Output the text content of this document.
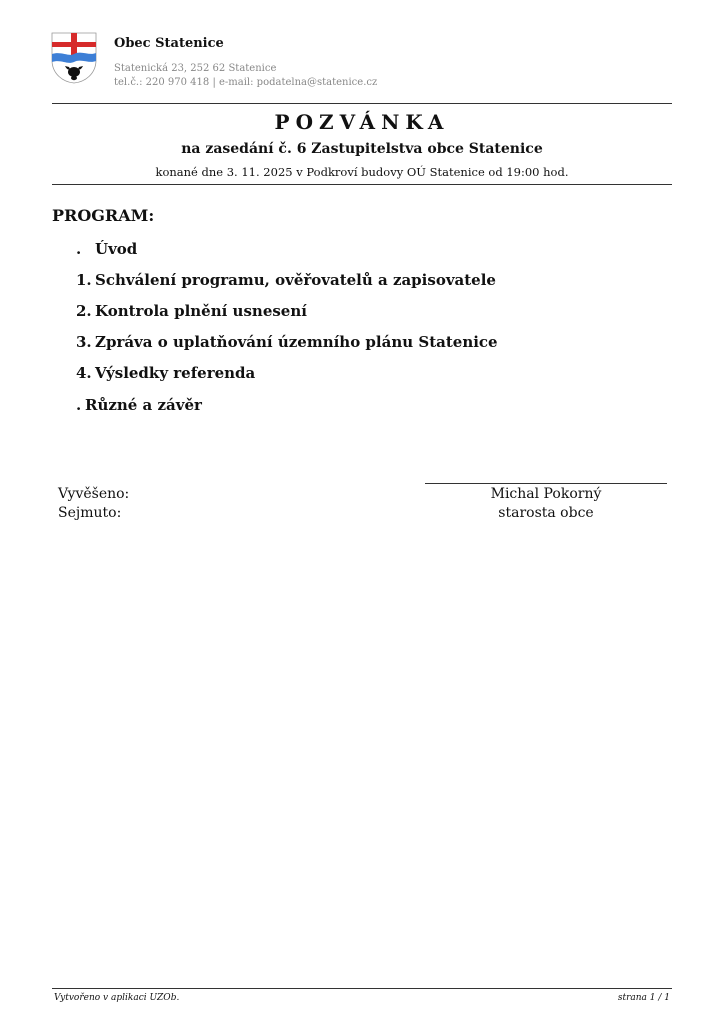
Obec Statenice
Statenická 23, 252 62 Statenice
tel.č.: 220 970 418 | e-mail: podatelna@statenice.cz
POZVÁNKA
na zasedání č. 6 Zastupitelstva obce Statenice
konané dne 3. 11. 2025 v Podkroví budovy OÚ Statenice od 19:00 hod.
PROGRAM:
. Úvod
1. Schválení programu, ověřovatelů a zapisovatele
2. Kontrola plnění usnesení
3. Zpráva o uplatňování územního plánu Statenice
4. Výsledky referenda
. Různé a závěr
Vyvěšeno:
Sejmuto:
Michal Pokorný
starosta obce
Vytvořeno v aplikaci UZOb.	strana 1 / 1
